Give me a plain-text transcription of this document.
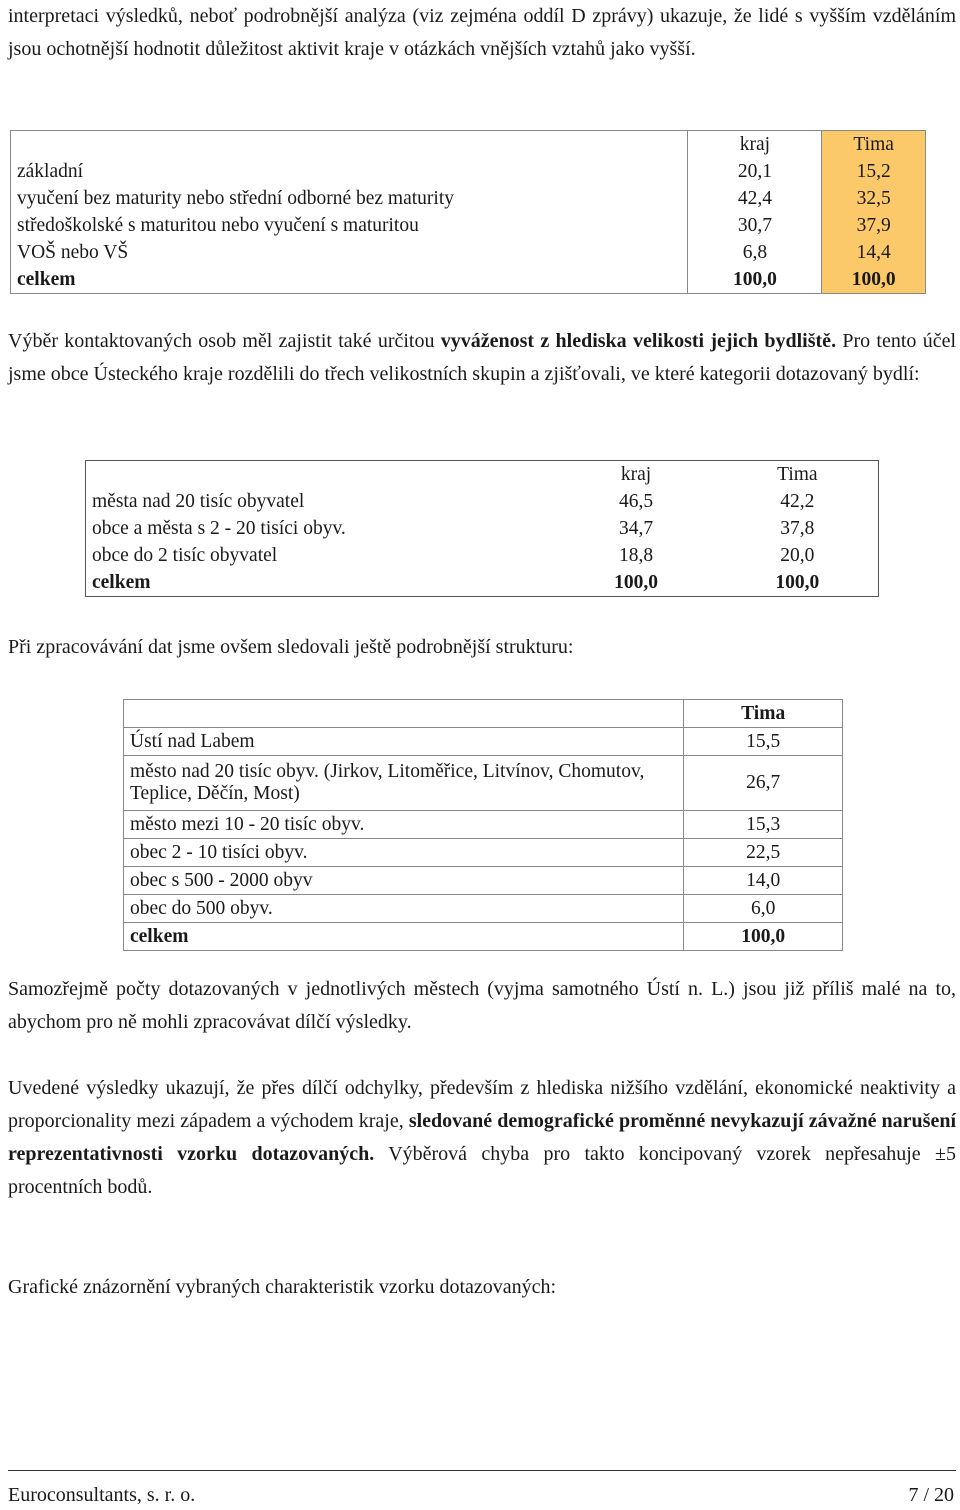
interpretaci výsledků, neboť podrobnější analýza (viz zejména oddíl D zprávy) ukazuje, že lidé s vyšším vzděláním jsou ochotnější hodnotit důležitost aktivit kraje v otázkách vnějších vztahů jako vyšší.

	kraj	Tima
základní	20,1	15,2
vyučení bez maturity nebo střední odborné bez maturity	42,4	32,5
středoškolské s maturitou nebo vyučení s maturitou	30,7	37,9
VOŠ nebo VŠ	6,8	14,4
celkem	100,0	100,0

Výběr kontaktovaných osob měl zajistit také určitou vyváženost z hlediska velikosti jejich bydliště. Pro tento účel jsme obce Ústeckého kraje rozdělili do třech velikostních skupin a zjišťovali, ve které kategorii dotazovaný bydlí:

	kraj	Tima
města nad 20 tisíc obyvatel	46,5	42,2
obce a města s 2 - 20 tisíci obyv.	34,7	37,8
obce do 2 tisíc obyvatel	18,8	20,0
celkem	100,0	100,0

Při zpracovávání dat jsme ovšem sledovali ještě podrobnější strukturu:

	Tima
Ústí nad Labem	15,5
město nad 20 tisíc obyv. (Jirkov, Litoměřice, Litvínov, Chomutov, Teplice, Děčín, Most)	26,7
město mezi 10 - 20 tisíc obyv.	15,3
obec 2 - 10 tisíci obyv.	22,5
obec s 500 - 2000 obyv	14,0
obec do 500 obyv.	6,0
celkem	100,0

Samozřejmě počty dotazovaných v jednotlivých městech (vyjma samotného Ústí n. L.) jsou již příliš malé na to, abychom pro ně mohli zpracovávat dílčí výsledky.

Uvedené výsledky ukazují, že přes dílčí odchylky, především z hlediska nižšího vzdělání, ekonomické neaktivity a proporcionality mezi západem a východem kraje, sledované demografické proměnné nevykazují závažné narušení reprezentativnosti vzorku dotazovaných. Výběrová chyba pro takto koncipovaný vzorek nepřesahuje ±5 procentních bodů.

Grafické znázornění vybraných charakteristik vzorku dotazovaných:

Euroconsultants, s. r. o.	7 / 20
